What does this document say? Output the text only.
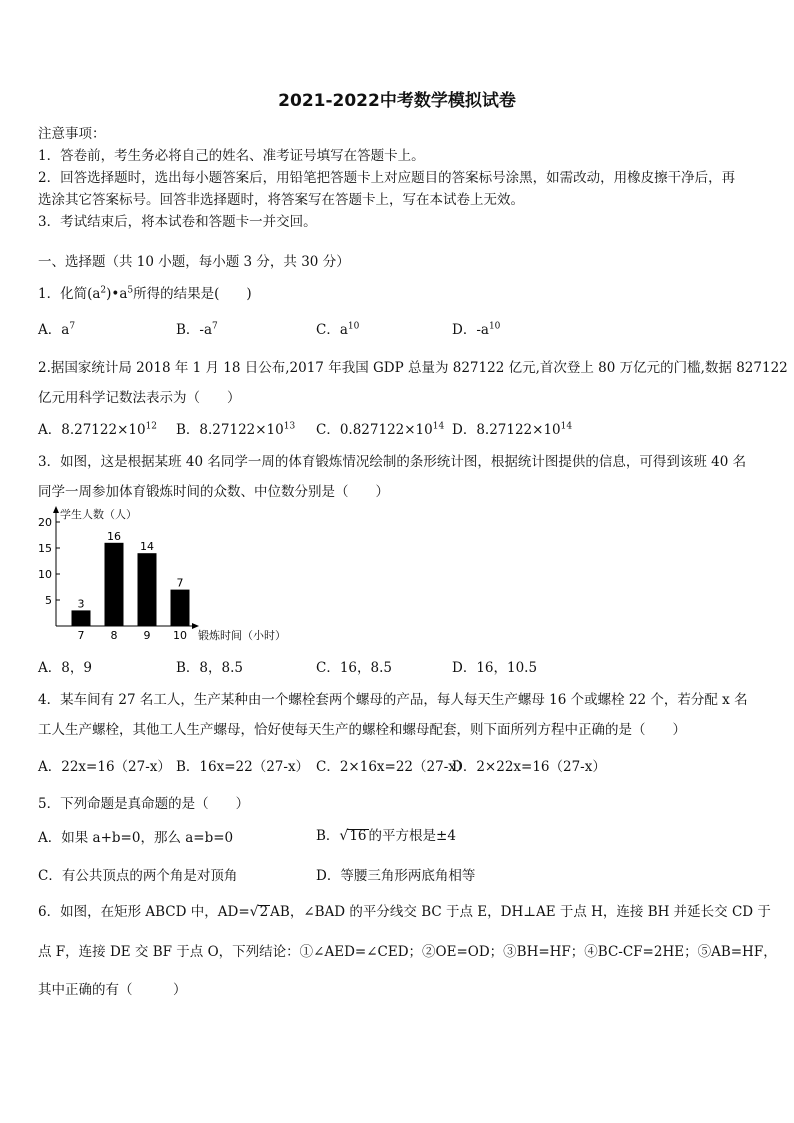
2021-2022中考数学模拟试卷
注意事项：
1．答卷前，考生务必将自己的姓名、准考证号填写在答题卡上。
2．回答选择题时，选出每小题答案后，用铅笔把答题卡上对应题目的答案标号涂黑，如需改动，用橡皮擦干净后，再
选涂其它答案标号。回答非选择题时，将答案写在答题卡上，写在本试卷上无效。
3．考试结束后，将本试卷和答题卡一并交回。
一、选择题（共 10 小题，每小题 3 分，共 30 分）
1．化简$(a^2)•a^5$所得的结果是(　　)
A．$a^7$	B．$-a^7$	C．$a^{10}$	D．$-a^{10}$
2.据国家统计局 2018 年 1 月 18 日公布,2017 年我国 GDP 总量为 827122 亿元,首次登上 80 万亿元的门槛,数据 827122
亿元用科学记数法表示为（　　）
A．$8.27122\times 10^{12}$ B．$8.27122\times 10^{13}$ C．$0.827122\times 10^{14}$ D．$8.27122\times 10^{14}$
3．如图，这是根据某班 40 名同学一周的体育锻炼情况绘制的条形统计图，根据统计图提供的信息，可得到该班 40 名
同学一周参加体育锻炼时间的众数、中位数分别是（　　）
学生人数（人）
锻炼时间（小时）
5
10
15
20
3
7
16
8
14
9
7
10
A．8，9	B．8，8.5	C．16，8.5	D．16，10.5
4．某车间有 27 名工人，生产某种由一个螺栓套两个螺母的产品，每人每天生产螺母 16 个或螺栓 22 个，若分配 x 名
工人生产螺栓，其他工人生产螺母，恰好使每天生产的螺栓和螺母配套，则下面所列方程中正确的是（　　）
A．22x=16（27-x） B．16x=22（27-x） C．2×16x=22（27-x）
D．2×22x=16（27-x）
5．下列命题是真命题的是（　　）
A．如果 a+b=0，那么 a=b=0	B．√16 的平方根是±4
C．有公共顶点的两个角是对顶角	D．等腰三角形两底角相等
6．如图，在矩形 ABCD 中，AD=√2 AB，∠BAD 的平分线交 BC 于点 E，DH⊥AE 于点 H，连接 BH 并延长交 CD 于
点 F，连接 DE 交 BF 于点 O，下列结论：①∠AED=∠CED；②OE=OD；③BH=HF；④BC-CF=2HE；⑤AB=HF，
其中正确的有（　　　）
